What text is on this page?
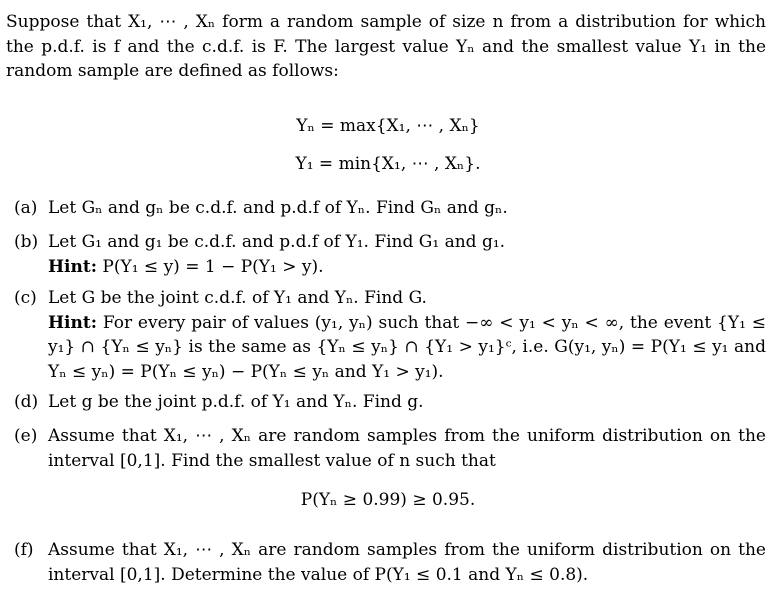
Suppose that X₁, ⋯ , Xₙ form a random sample of size n from a distribution for which the p.d.f. is f and the c.d.f. is F. The largest value Yₙ and the smallest value Y₁ in the random sample are defined as follows:
Yₙ = max{X₁, ⋯ , Xₙ}
Y₁ = min{X₁, ⋯ , Xₙ}.
(a) Let Gₙ and gₙ be c.d.f. and p.d.f of Yₙ. Find Gₙ and gₙ.
(b) Let G₁ and g₁ be c.d.f. and p.d.f of Y₁. Find G₁ and g₁.
Hint: P(Y₁ ≤ y) = 1 − P(Y₁ > y).
(c) Let G be the joint c.d.f. of Y₁ and Yₙ. Find G.
Hint: For every pair of values (y₁, yₙ) such that −∞ < y₁ < yₙ < ∞, the event {Y₁ ≤ y₁} ∩ {Yₙ ≤ yₙ} is the same as {Yₙ ≤ yₙ} ∩ {Y₁ > y₁}ᶜ, i.e. G(y₁, yₙ) = P(Y₁ ≤ y₁ and Yₙ ≤ yₙ) = P(Yₙ ≤ yₙ) − P(Yₙ ≤ yₙ and Y₁ > y₁).
(d) Let g be the joint p.d.f. of Y₁ and Yₙ. Find g.
(e) Assume that X₁, ⋯ , Xₙ are random samples from the uniform distribution on the interval [0,1]. Find the smallest value of n such that
P(Yₙ ≥ 0.99) ≥ 0.95.
(f) Assume that X₁, ⋯ , Xₙ are random samples from the uniform distribution on the interval [0,1]. Determine the value of P(Y₁ ≤ 0.1 and Yₙ ≤ 0.8).
